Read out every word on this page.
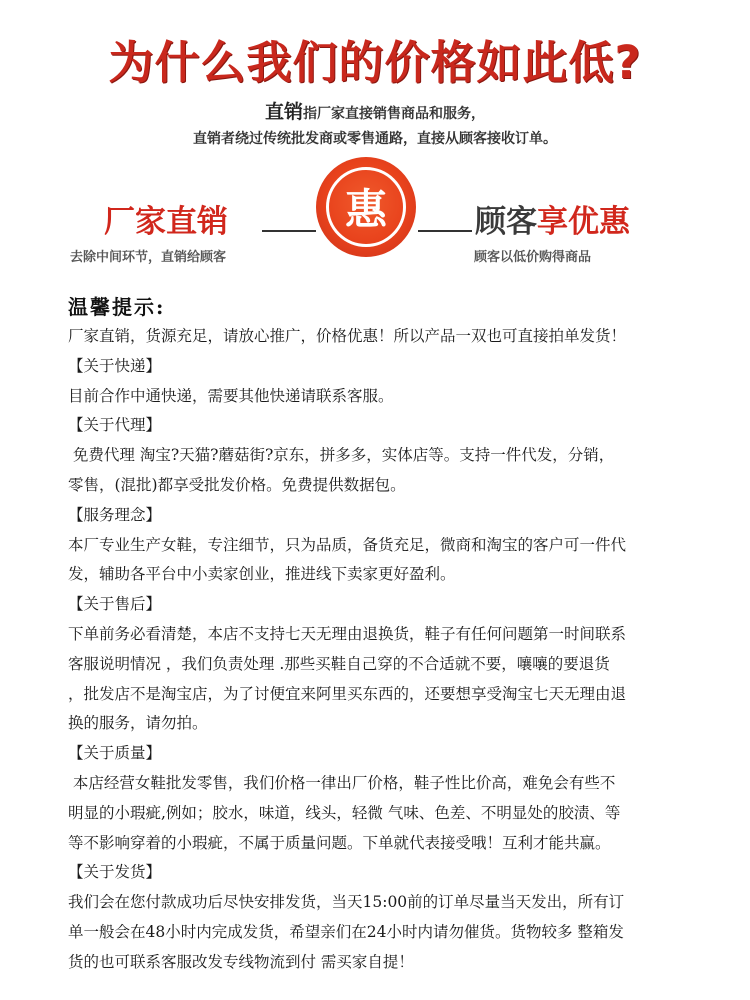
为什么我们的价格如此低?
直销指厂家直接销售商品和服务，
直销者绕过传统批发商或零售通路，直接从顾客接收订单。
厂家直销	惠	顾客享优惠
去除中间环节，直销给顾客	顾客以低价购得商品
温馨提示:
厂家直销，货源充足，请放心推广，价格优惠！所以产品一双也可直接拍单发货！
【关于快递】
目前合作中通快递，需要其他快递请联系客服。
【关于代理】
免费代理 淘宝?天猫?蘑菇街?京东，拼多多，实体店等。支持一件代发，分销，
零售，(混批)都享受批发价格。免费提供数据包。
【服务理念】
本厂专业生产女鞋，专注细节，只为品质，备货充足，微商和淘宝的客户可一件代
发，辅助各平台中小卖家创业，推进线下卖家更好盈利。
【关于售后】
下单前务必看清楚，本店不支持七天无理由退换货，鞋子有任何问题第一时间联系
客服说明情况 ，我们负责处理 .那些买鞋自己穿的不合适就不要，嚷嚷的要退货
，批发店不是淘宝店，为了讨便宜来阿里买东西的，还要想享受淘宝七天无理由退
换的服务，请勿拍。
【关于质量】
本店经营女鞋批发零售，我们价格一律出厂价格，鞋子性比价高，难免会有些不
明显的小瑕疵,例如；胶水，味道，线头，轻微 气味、色差、不明显处的胶渍、等
等不影响穿着的小瑕疵，不属于质量问题。下单就代表接受哦！互利才能共赢。
【关于发货】
我们会在您付款成功后尽快安排发货，当天15:00前的订单尽量当天发出，所有订
单一般会在48小时内完成发货，希望亲们在24小时内请勿催货。货物较多 整箱发
货的也可联系客服改发专线物流到付 需买家自提！
